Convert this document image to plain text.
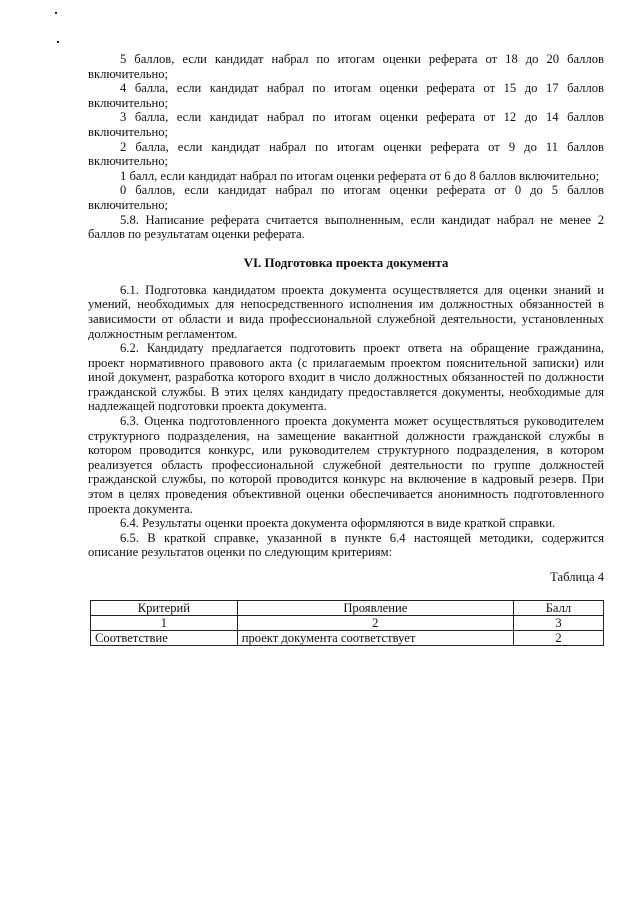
5 баллов, если кандидат набрал по итогам оценки реферата от 18 до 20 баллов включительно;

4 балла, если кандидат набрал по итогам оценки реферата от 15 до 17 баллов включительно;

3 балла, если кандидат набрал по итогам оценки реферата от 12 до 14 баллов включительно;

2 балла, если кандидат набрал по итогам оценки реферата от 9 до 11 баллов включительно;

1 балл, если кандидат набрал по итогам оценки реферата от 6 до 8 баллов включительно;

0 баллов, если кандидат набрал по итогам оценки реферата от 0 до 5 баллов включительно;

5.8. Написание реферата считается выполненным, если кандидат набрал не менее 2 баллов по результатам оценки реферата.

VI. Подготовка проекта документа

6.1. Подготовка кандидатом проекта документа осуществляется для оценки знаний и умений, необходимых для непосредственного исполнения им должностных обязанностей в зависимости от области и вида профессиональной служебной деятельности, установленных должностным регламентом.

6.2. Кандидату предлагается подготовить проект ответа на обращение гражданина, проект нормативного правового акта (с прилагаемым проектом пояснительной записки) или иной документ, разработка которого входит в число должностных обязанностей по должности гражданской службы. В этих целях кандидату предоставляется документы, необходимые для надлежащей подготовки проекта документа.

6.3. Оценка подготовленного проекта документа может осуществляться руководителем структурного подразделения, на замещение вакантной должности гражданской службы в котором проводится конкурс, или руководителем структурного подразделения, в котором реализуется область профессиональной служебной деятельности по группе должностей гражданской службы, по которой проводится конкурс на включение в кадровый резерв. При этом в целях проведения объективной оценки обеспечивается анонимность подготовленного проекта документа.

6.4. Результаты оценки проекта документа оформляются в виде краткой справки.

6.5. В краткой справке, указанной в пункте 6.4 настоящей методики, содержится описание результатов оценки по следующим критериям:

Таблица 4
Критерий	Проявление	Балл
1	2	3
Соответствие	проект документа соответствует	2
